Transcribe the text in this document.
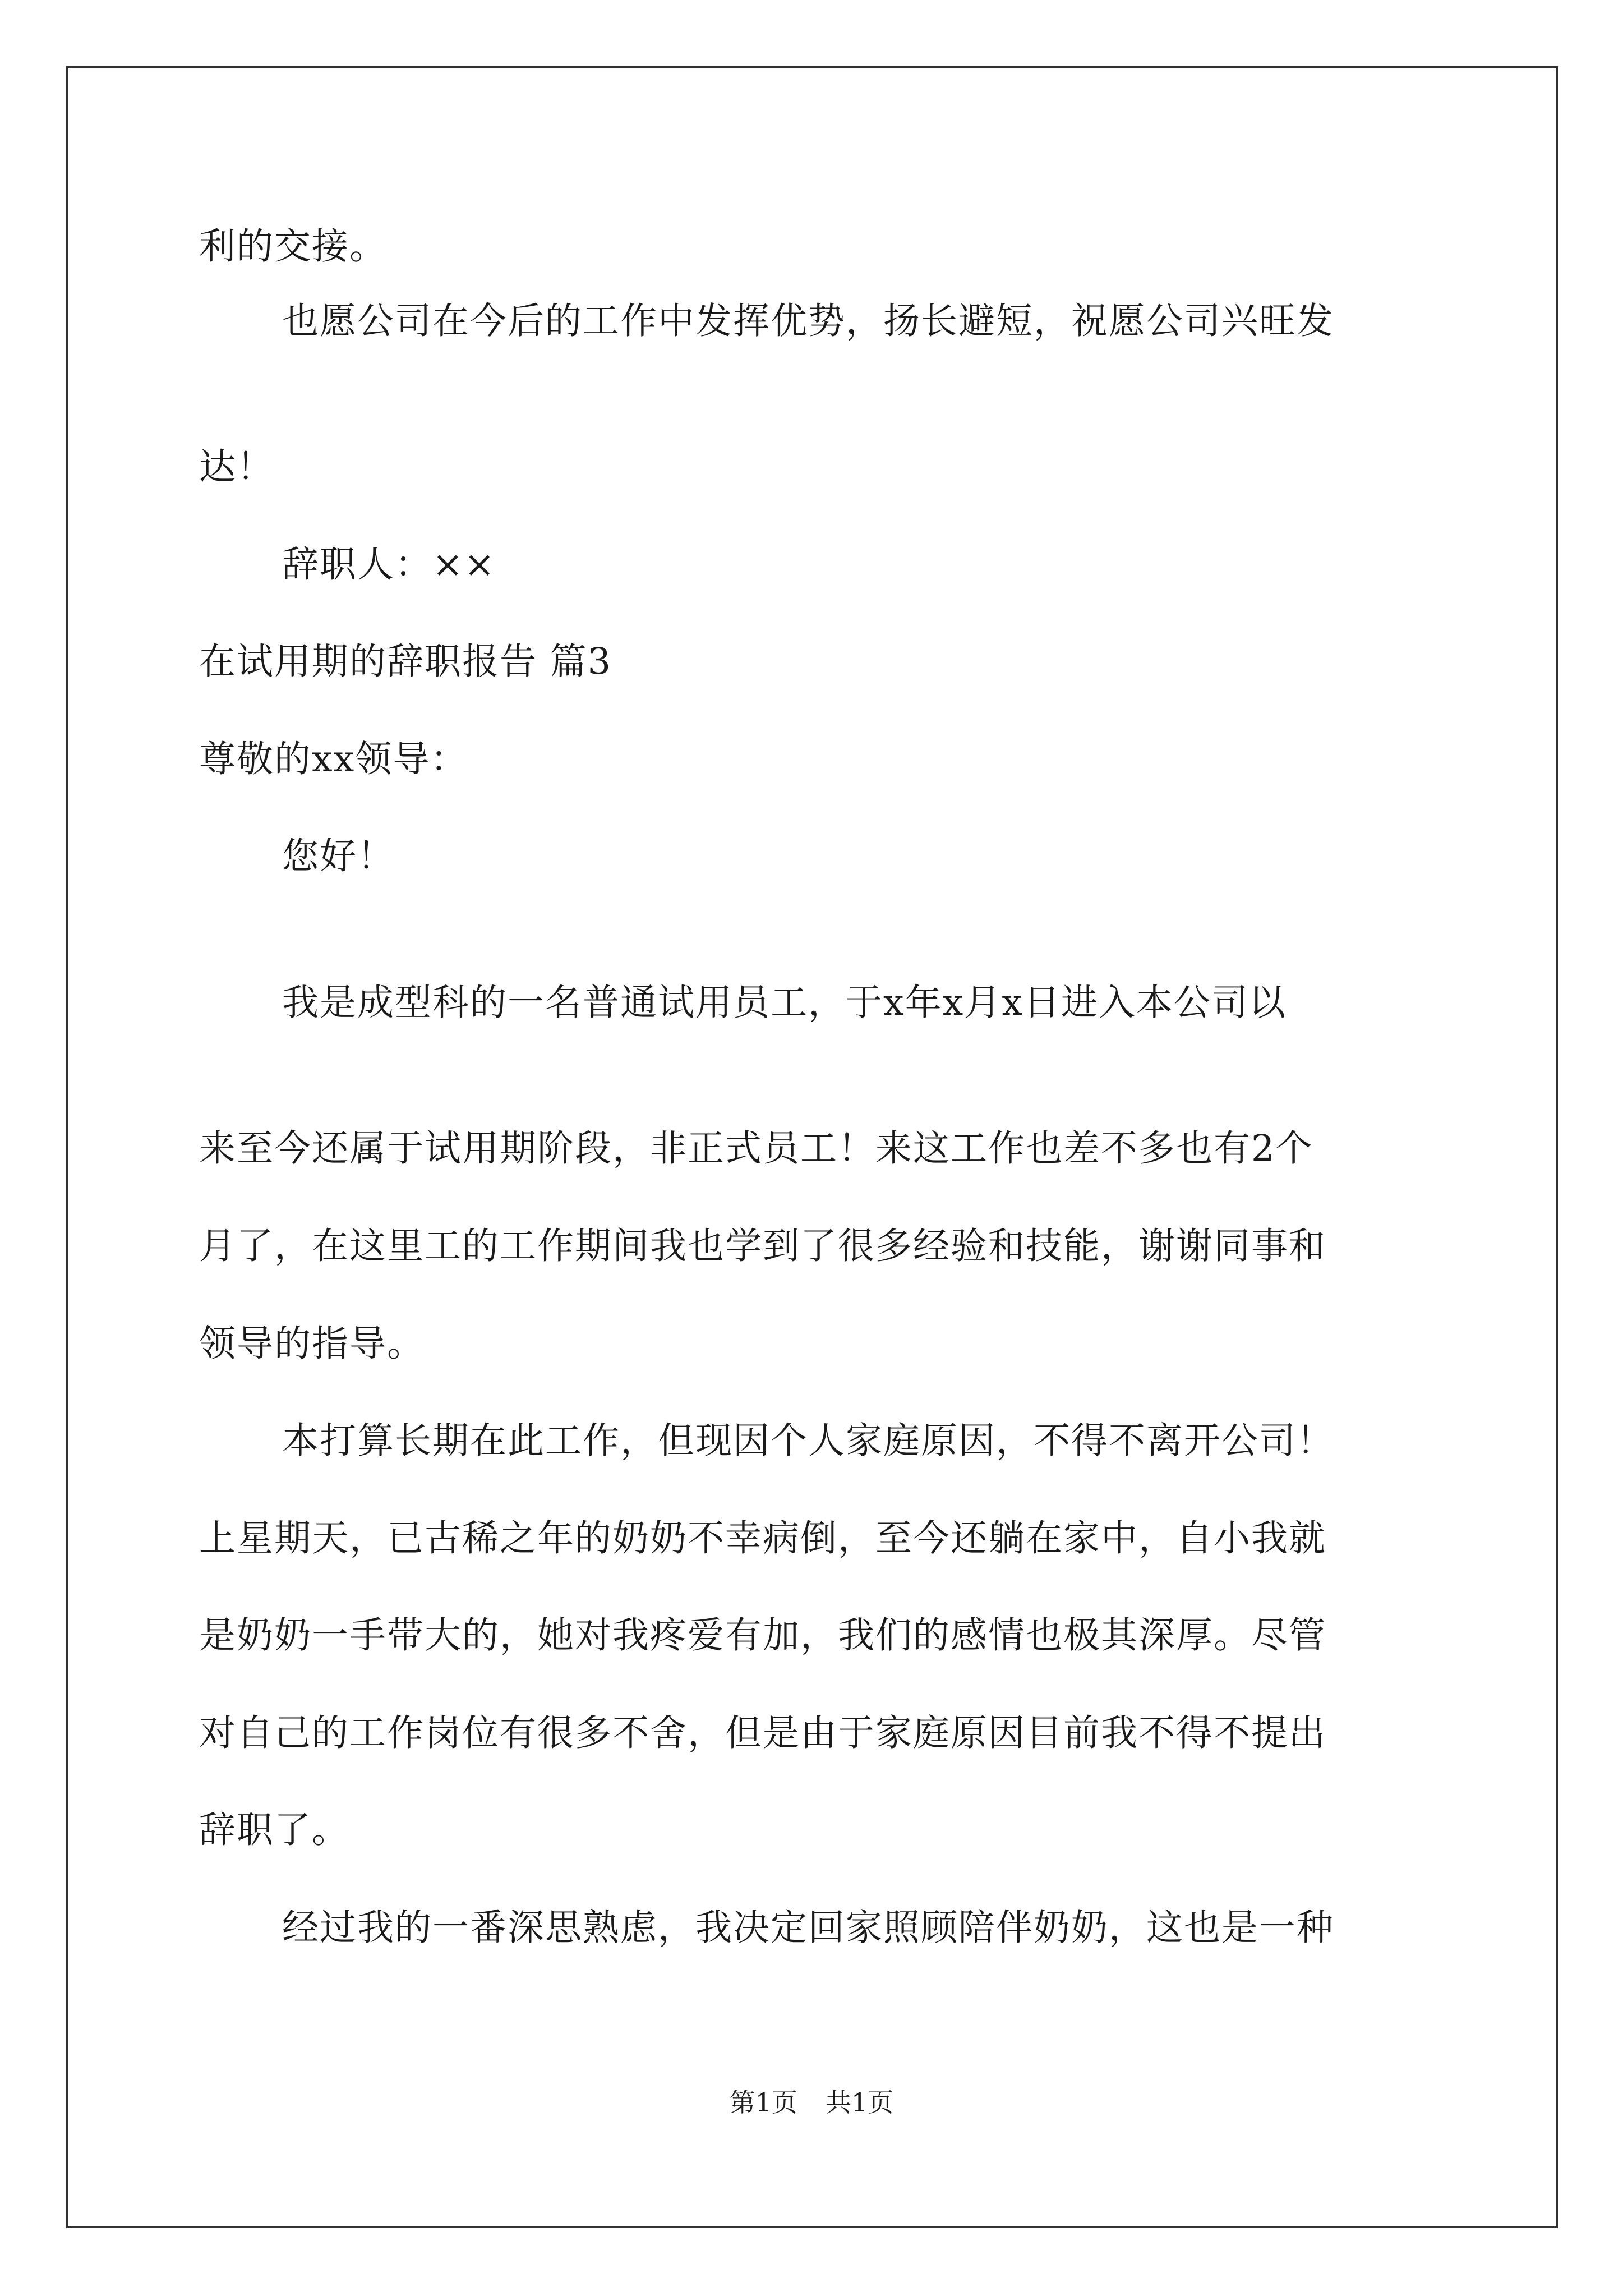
利的交接。
也愿公司在今后的工作中发挥优势，扬长避短，祝愿公司兴旺发
达！
辞职人：××
在试用期的辞职报告 篇3
尊敬的xx领导：
您好！
我是成型科的一名普通试用员工，于x年x月x日进入本公司以
来至今还属于试用期阶段，非正式员工！来这工作也差不多也有2个
月了，在这里工的工作期间我也学到了很多经验和技能，谢谢同事和
领导的指导。
本打算长期在此工作，但现因个人家庭原因，不得不离开公司！
上星期天，已古稀之年的奶奶不幸病倒，至今还躺在家中，自小我就
是奶奶一手带大的，她对我疼爱有加，我们的感情也极其深厚。尽管
对自己的工作岗位有很多不舍，但是由于家庭原因目前我不得不提出
辞职了。
经过我的一番深思熟虑，我决定回家照顾陪伴奶奶，这也是一种
第1页 共1页
